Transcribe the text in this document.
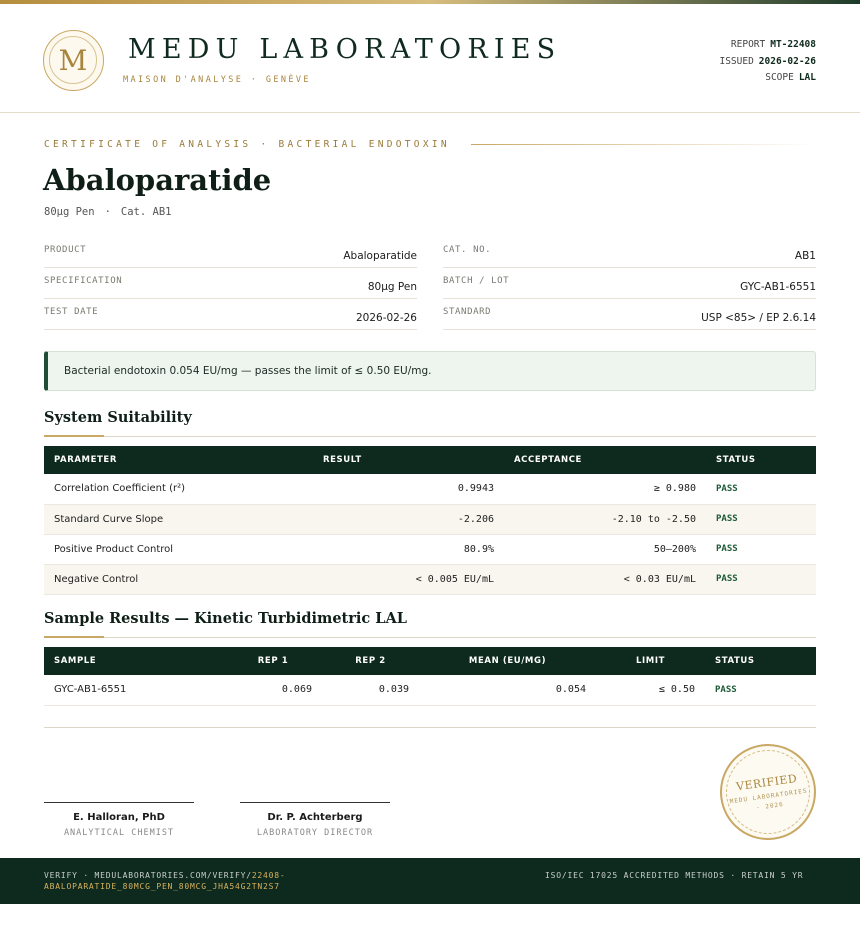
M	MEDU LABORATORIES
MAISON D'ANALYSE · GENÈVE
REPORT MT-22408
ISSUED 2026-02-26
SCOPE LAL
CERTIFICATE OF ANALYSIS · BACTERIAL ENDOTOXIN
Abaloparatide
80µg Pen · Cat. AB1
PRODUCT	Abaloparatide
SPECIFICATION	80µg Pen
TEST DATE	2026-02-26
CAT. NO.	AB1
BATCH / LOT	GYC-AB1-6551
STANDARD	USP <85> / EP 2.6.14
Bacterial endotoxin 0.054 EU/mg — passes the limit of ≤ 0.50 EU/mg.
System Suitability
PARAMETER	RESULT	ACCEPTANCE	STATUS
Correlation Coefficient (r²)	0.9943	≥ 0.980	PASS
Standard Curve Slope	-2.206	-2.10 to -2.50	PASS
Positive Product Control	80.9%	50–200%	PASS
Negative Control	< 0.005 EU/mL	< 0.03 EU/mL	PASS
Sample Results — Kinetic Turbidimetric LAL
SAMPLE	REP 1	REP 2	MEAN (EU/MG)	LIMIT	STATUS
GYC-AB1-6551	0.069	0.039	0.054	≤ 0.50	PASS
E. Halloran, PhD
ANALYTICAL CHEMIST
Dr. P. Achterberg
LABORATORY DIRECTOR
VERIFIED
MEDU LABORATORIES · 2026
VERIFY · MEDULABORATORIES.COM/VERIFY/22408-ABALOPARATIDE_80MCG_PEN_80MCG_JHA54G2TN2S7
ISO/IEC 17025 ACCREDITED METHODS · RETAIN 5 YR
